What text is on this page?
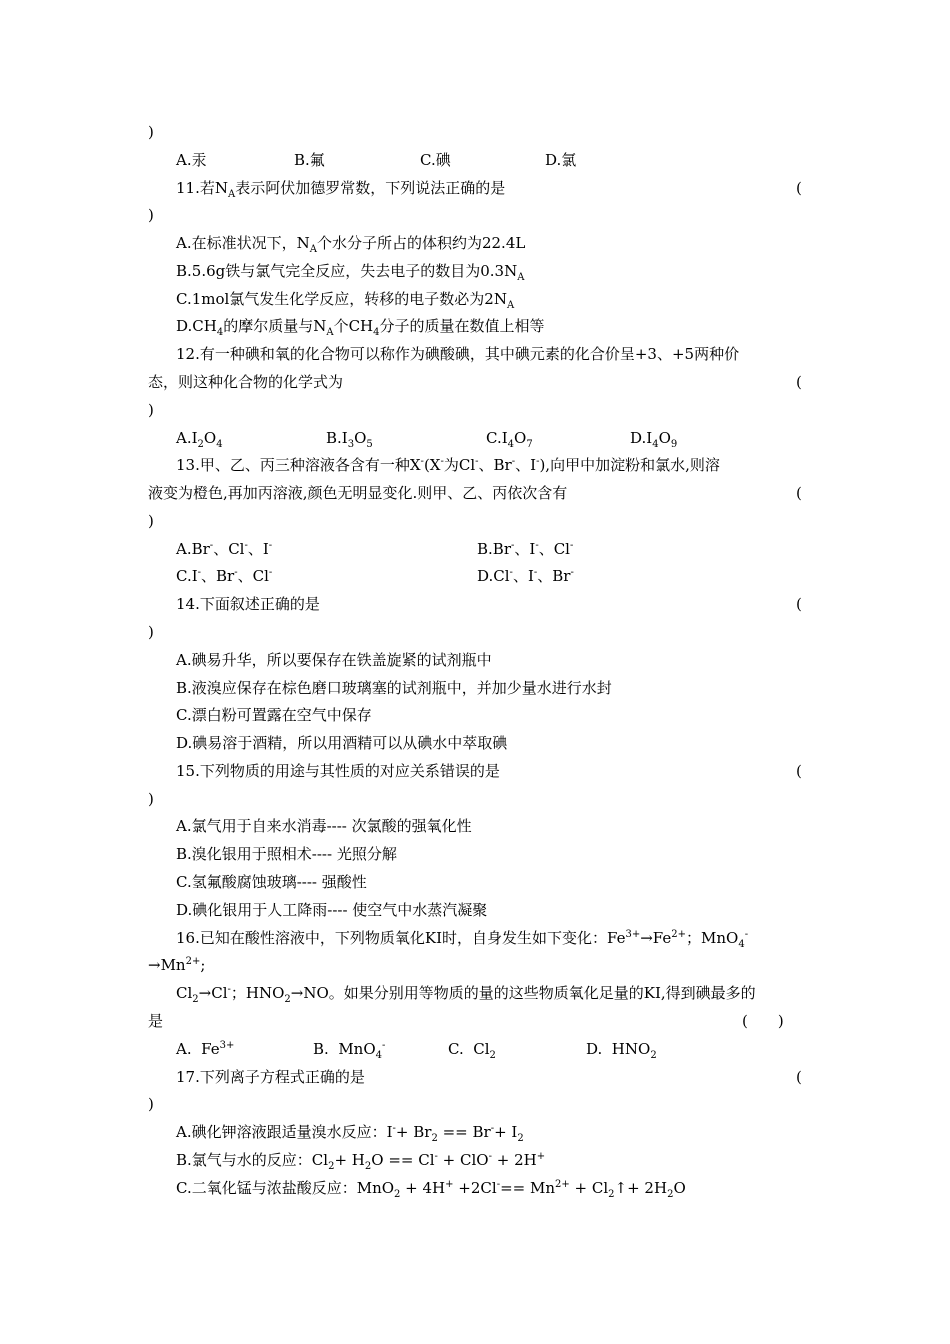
)
A.汞	B.氟	C.碘	D.氯
11.若$N_A$表示阿伏加德罗常数，下列说法正确的是	(
)
A.在标准状况下，$N_A$个水分子所占的体积约为22.4L
B.5.6g铁与氯气完全反应，失去电子的数目为$0.3N_A$
C.1mol氯气发生化学反应，转移的电子数必为$2N_A$
$D.CH_4$的摩尔质量与$N_A$个$CH_4$分子的质量在数值上相等
12.有一种碘和氧的化合物可以称作为碘酸碘，其中碘元素的化合价呈+3、+5两种价
态，则这种化合物的化学式为	(
)
$A.I_2O_4$	$B.I_3O_5$	$C.I_4O_7$	$D.I_4O_9$
13.甲、乙、丙三种溶液各含有一种X-(X-为Cl-、Br-、I-),向甲中加淀粉和氯水,则溶
液变为橙色,再加丙溶液,颜色无明显变化.则甲、乙、丙依次含有	(
)
A.Br-、Cl-、I-	B.Br-、I-、Cl-
C.I-、Br-、Cl-	D.Cl-、I-、Br-
14.下面叙述正确的是	(
)
A.碘易升华，所以要保存在铁盖旋紧的试剂瓶中
B.液溴应保存在棕色磨口玻璃塞的试剂瓶中，并加少量水进行水封
C.漂白粉可置露在空气中保存
D.碘易溶于酒精，所以用酒精可以从碘水中萃取碘
15.下列物质的用途与其性质的对应关系错误的是	(
)
A.氯气用于自来水消毒---- 次氯酸的强氧化性
B.溴化银用于照相术---- 光照分解
C.氢氟酸腐蚀玻璃---- 强酸性
D.碘化银用于人工降雨---- 使空气中水蒸汽凝聚
16.已知在酸性溶液中，下列物质氧化KI时，自身发生如下变化：$Fe^{3+}\to Fe^{2+}$；MnO$_4$-
$\to Mn^{2+}$;
$Cl_2\to Cl^-$；$HNO_2\to NO$。如果分别用等物质的量的这些物质氧化足量的KI,得到碘最多的
是	(　　)
A.  $Fe^{3+}$	B.  MnO$_4$-	C.  $Cl_2$	D.  $HNO_2$
17.下列离子方程式正确的是	(
)
A.碘化钾溶液跟适量溴水反应：$I^-+ Br_2 == Br^-+ I_2$
B.氯气与水的反应：$Cl_2+ H_2O == Cl^- + ClO^- + 2H^+$
C.二氧化锰与浓盐酸反应：$MnO_2 + 4H^+ +2Cl^-== Mn^{2+}$ + $Cl_2↑+ 2H_2O$
